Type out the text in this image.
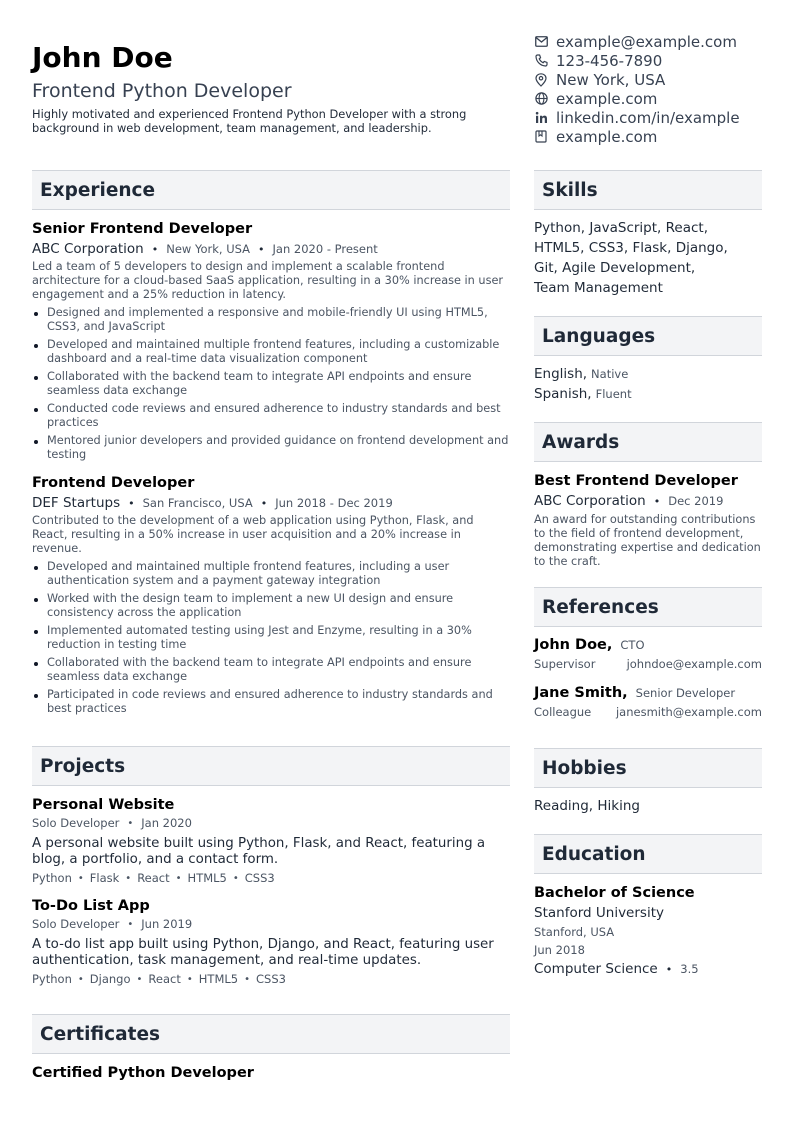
John Doe
Frontend Python Developer
Highly motivated and experienced Frontend Python Developer with a strong background in web development, team management, and leadership.
example@example.com
123-456-7890
New York, USA
example.com
linkedin.com/in/example
example.com
Experience
Senior Frontend Developer
ABC Corporation • New York, USA • Jan 2020 - Present
Led a team of 5 developers to design and implement a scalable frontend architecture for a cloud-based SaaS application, resulting in a 30% increase in user engagement and a 25% reduction in latency.
Designed and implemented a responsive and mobile-friendly UI using HTML5, CSS3, and JavaScript
Developed and maintained multiple frontend features, including a customizable dashboard and a real-time data visualization component
Collaborated with the backend team to integrate API endpoints and ensure seamless data exchange
Conducted code reviews and ensured adherence to industry standards and best practices
Mentored junior developers and provided guidance on frontend development and testing
Frontend Developer
DEF Startups • San Francisco, USA • Jun 2018 - Dec 2019
Contributed to the development of a web application using Python, Flask, and React, resulting in a 50% increase in user acquisition and a 20% increase in revenue.
Developed and maintained multiple frontend features, including a user authentication system and a payment gateway integration
Worked with the design team to implement a new UI design and ensure consistency across the application
Implemented automated testing using Jest and Enzyme, resulting in a 30% reduction in testing time
Collaborated with the backend team to integrate API endpoints and ensure seamless data exchange
Participated in code reviews and ensured adherence to industry standards and best practices
Projects
Personal Website
Solo Developer • Jan 2020
A personal website built using Python, Flask, and React, featuring a blog, a portfolio, and a contact form.
Python • Flask • React • HTML5 • CSS3
To-Do List App
Solo Developer • Jun 2019
A to-do list app built using Python, Django, and React, featuring user authentication, task management, and real-time updates.
Python • Django • React • HTML5 • CSS3
Certificates
Certified Python Developer
Skills
Python, JavaScript, React,
HTML5, CSS3, Flask, Django,
Git, Agile Development,
Team Management
Languages
English, Native
Spanish, Fluent
Awards
Best Frontend Developer
ABC Corporation • Dec 2019
An award for outstanding contributions to the field of frontend development, demonstrating expertise and dedication to the craft.
References
John Doe, CTO
Supervisor	johndoe@example.com
Jane Smith, Senior Developer
Colleague janesmith@example.com
Hobbies
Reading, Hiking
Education
Bachelor of Science
Stanford University
Stanford, USA
Jun 2018
Computer Science • 3.5
